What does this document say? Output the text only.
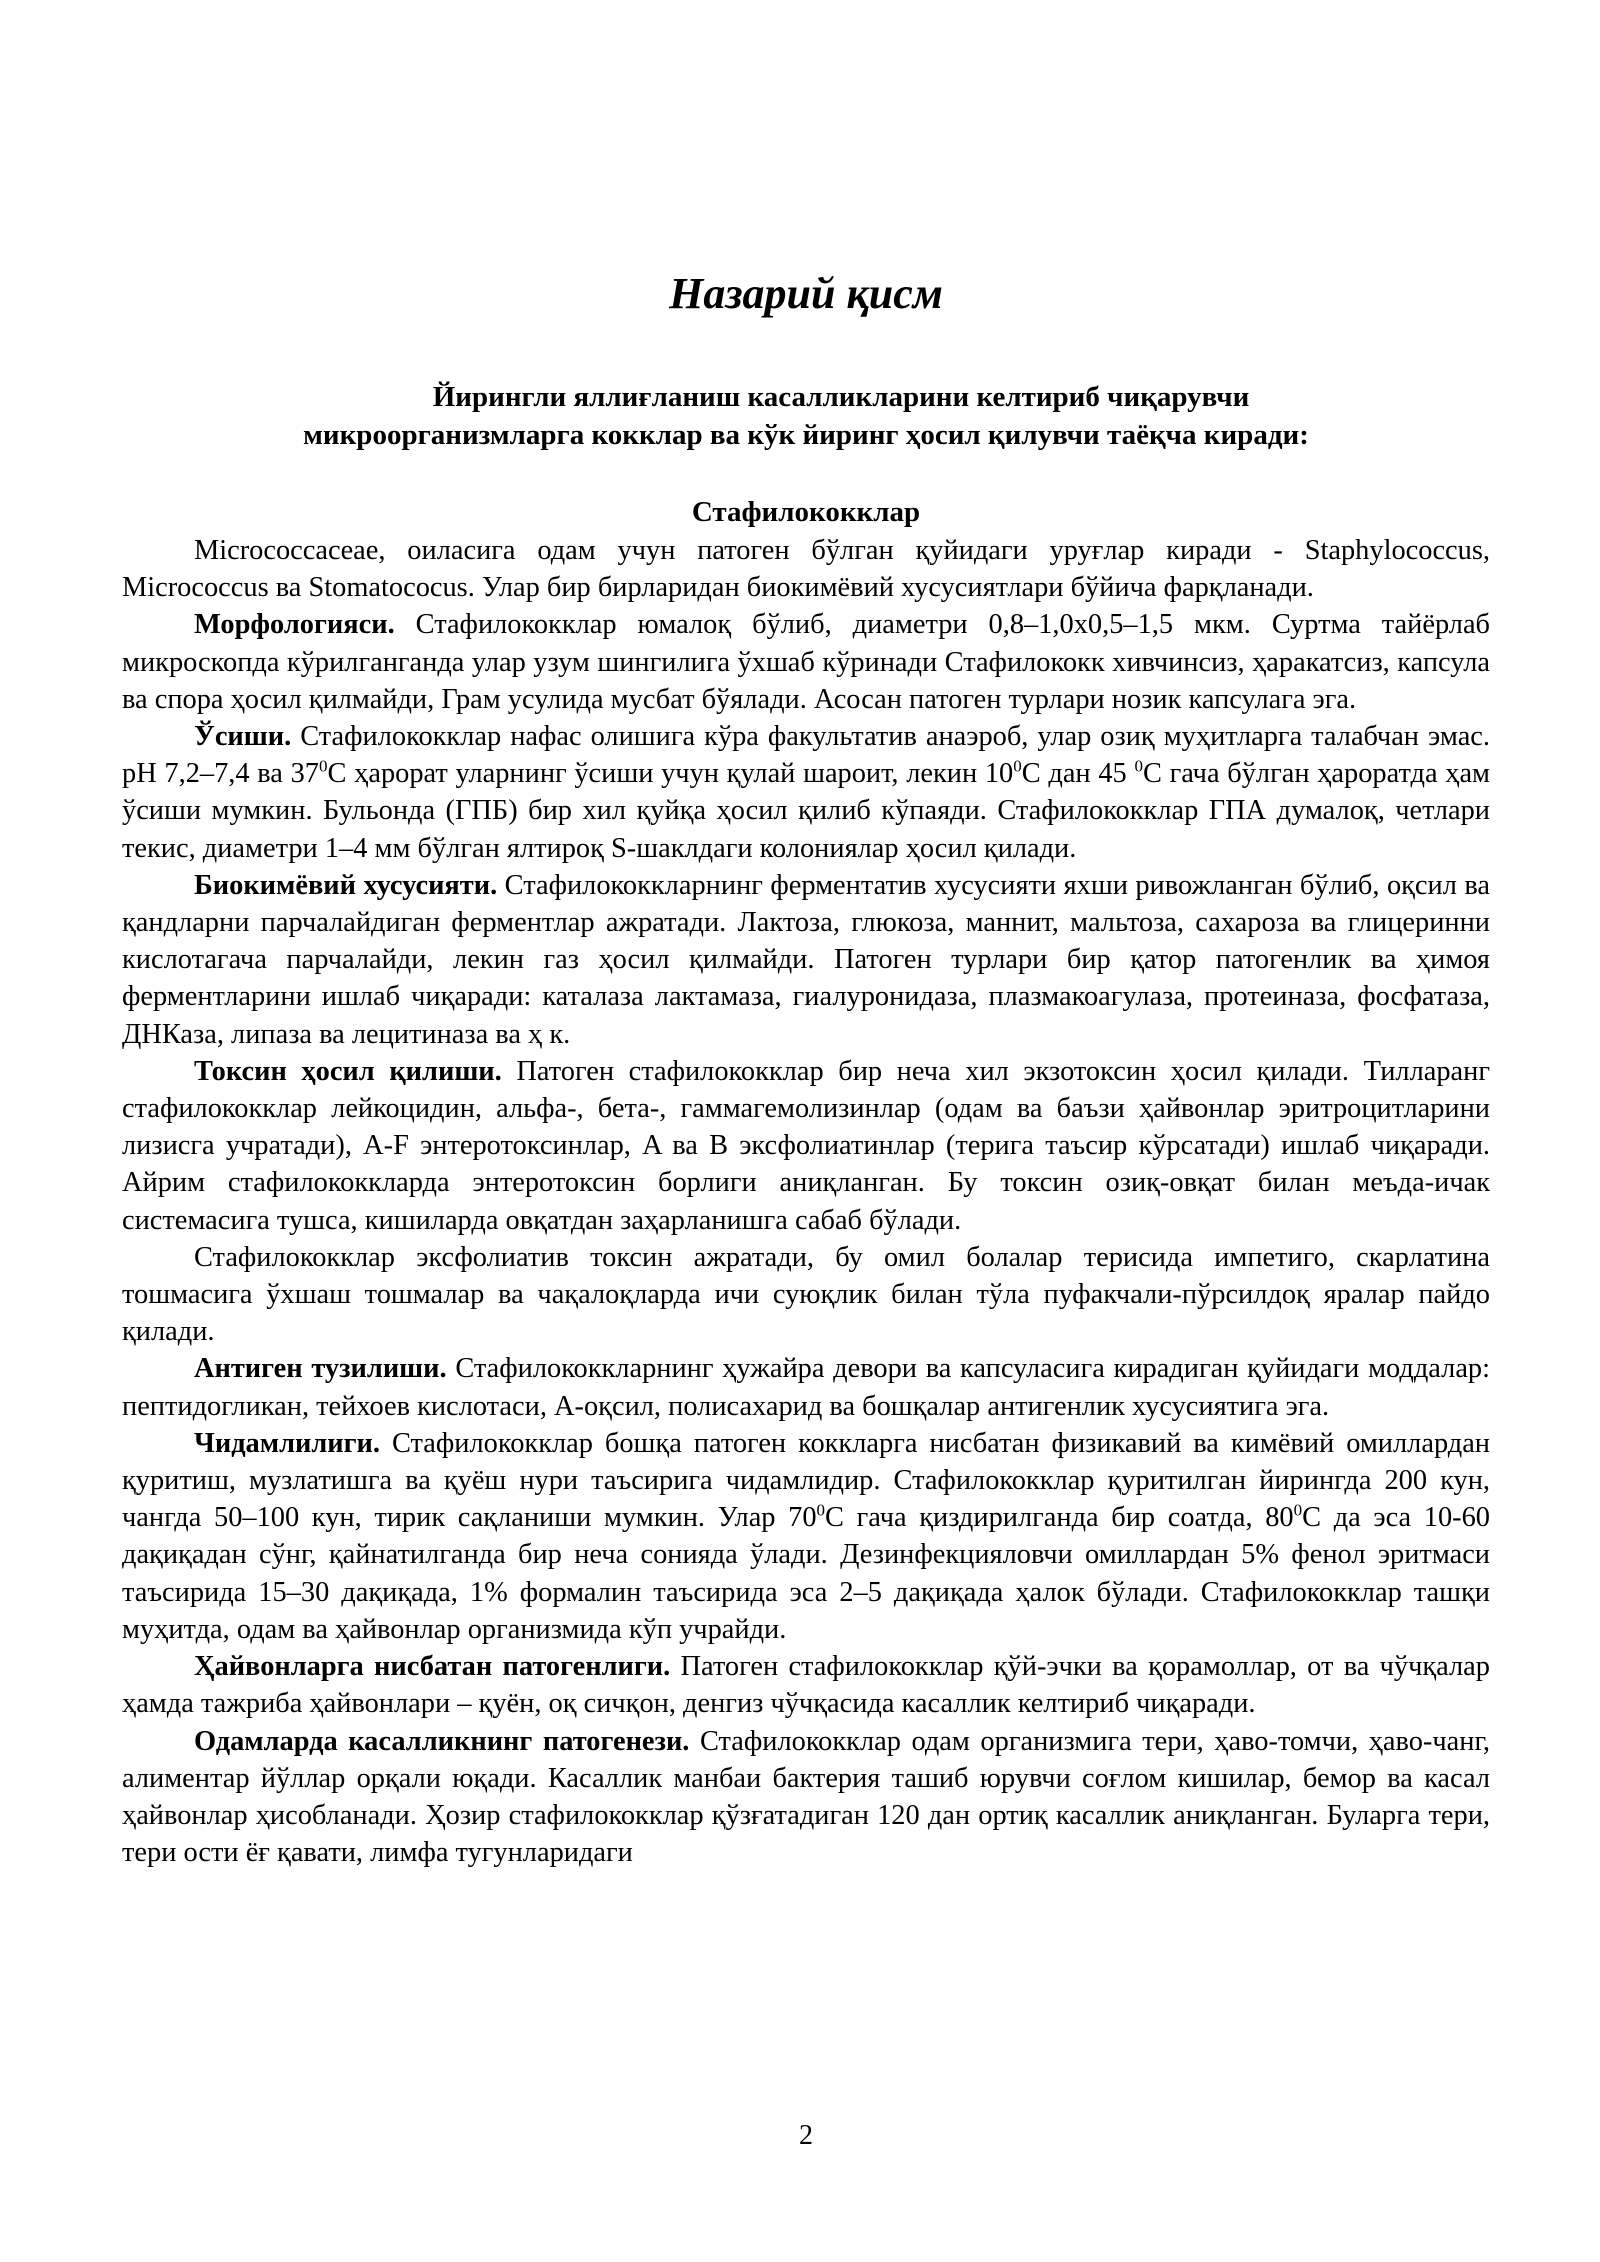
Назарий қисм
Йирингли яллиғланиш касалликларини келтириб чиқарувчи
микроорганизмларга кокклар ва кўк йиринг ҳосил қилувчи таёқча киради:
Стафилококклар

Micrococcaceae, оиласига одам учун патоген бўлган қуйидаги уруғлар киради - Staphylococcus, Micrococcus ва Stomatococus. Улар бир бирларидан биокимёвий хусусиятлари бўйича фарқланади.

Морфологияси. Стафилококклар юмалоқ бўлиб, диаметри 0,8–1,0х0,5–1,5 мкм. Суртма тайёрлаб микроскопда кўрилганганда улар узум шингилига ўхшаб кўринади Стафилококк хивчинсиз, ҳаракатсиз, капсула ва спора ҳосил қилмайди, Грам усулида мусбат бўялади. Асосан патоген турлари нозик капсулага эга.

Ўсиши. Стафилококклар нафас олишига кўра факультатив анаэроб, улар озиқ муҳитларга талабчан эмас. рН 7,2–7,4 ва $37^0С$ ҳарорат уларнинг ўсиши учун қулай шароит, лекин $10^0С$ дан 45 $^0$С гача бўлган ҳароратда ҳам ўсиши мумкин. Бульонда (ГПБ) бир хил қуйқа ҳосил қилиб кўпаяди. Стафилококклар ГПА думалоқ, четлари текис, диаметри 1–4 мм бўлган ялтироқ S-шаклдаги колониялар ҳосил қилади.

Биокимёвий хусусияти. Стафилококкларнинг ферментатив хусусияти яхши ривожланган бўлиб, оқсил ва қандларни парчалайдиган ферментлар ажратади. Лактоза, глюкоза, маннит, мальтоза, сахароза ва глицеринни кислотагача парчалайди, лекин газ ҳосил қилмайди. Патоген турлари бир қатор патогенлик ва ҳимоя ферментларини ишлаб чиқаради: каталаза лактамаза, гиалуронидаза, плазмакоагулаза, протеиназа, фосфатаза, ДНКаза, липаза ва лецитиназа ва ҳ к.

Токсин ҳосил қилиши. Патоген стафилококклар бир неча хил экзотоксин ҳосил қилади. Тилларанг стафилококклар лейкоцидин, альфа-, бета-, гаммагемолизинлар (одам ва баъзи ҳайвонлар эритроцитларини лизисга учратади), A-F энтеротоксинлар, A ва B эксфолиатинлар (терига таъсир кўрсатади) ишлаб чиқаради. Айрим стафилококкларда энтеротоксин борлиги аниқланган. Бу токсин озиқ-овқат билан меъда-ичак системасига тушса, кишиларда овқатдан заҳарланишга сабаб бўлади.

Стафилококклар эксфолиатив токсин ажратади, бу омил болалар терисида импетиго, скарлатина тошмасига ўхшаш тошмалар ва чақалоқларда ичи суюқлик билан тўла пуфакчали-пўрсилдоқ яралар пайдо қилади.

Антиген тузилиши. Стафилококкларнинг ҳужайра девори ва капсуласига кирадиган қуйидаги моддалар: пептидогликан, тейхоев кислотаси, А-оқсил, полисахарид ва бошқалар антигенлик хусусиятига эга.

Чидамлилиги. Стафилококклар бошқа патоген коккларга нисбатан физикавий ва кимёвий омиллардан қуритиш, музлатишга ва қуёш нури таъсирига чидамлидир. Стафилококклар қуритилган йирингда 200 кун, чангда 50–100 кун, тирик сақланиши мумкин. Улар $70^0С$ гача қиздирилганда бир соатда, $80^0С$ да эса 10-60 дақиқадан сўнг, қайнатилганда бир неча сонияда ўлади. Дезинфекцияловчи омиллардан 5% фенол эритмаси таъсирида 15–30 дақиқада, 1% формалин таъсирида эса 2–5 дақиқада ҳалок бўлади. Стафилококклар ташқи муҳитда, одам ва ҳайвонлар организмида кўп учрайди.

Ҳайвонларга нисбатан патогенлиги. Патоген стафилококклар қўй-эчки ва қорамоллар, от ва чўчқалар ҳамда тажриба ҳайвонлари – қуён, оқ сичқон, денгиз чўчқасида касаллик келтириб чиқаради.

Одамларда касалликнинг патогенези. Стафилококклар одам организмига тери, ҳаво-томчи, ҳаво-чанг, алиментар йўллар орқали юқади. Касаллик манбаи бактерия ташиб юрувчи соғлом кишилар, бемор ва касал ҳайвонлар ҳисобланади. Ҳозир стафилококклар қўзғатадиган 120 дан ортиқ касаллик аниқланган. Буларга тери, тери ости ёғ қавати, лимфа тугунларидаги

2
